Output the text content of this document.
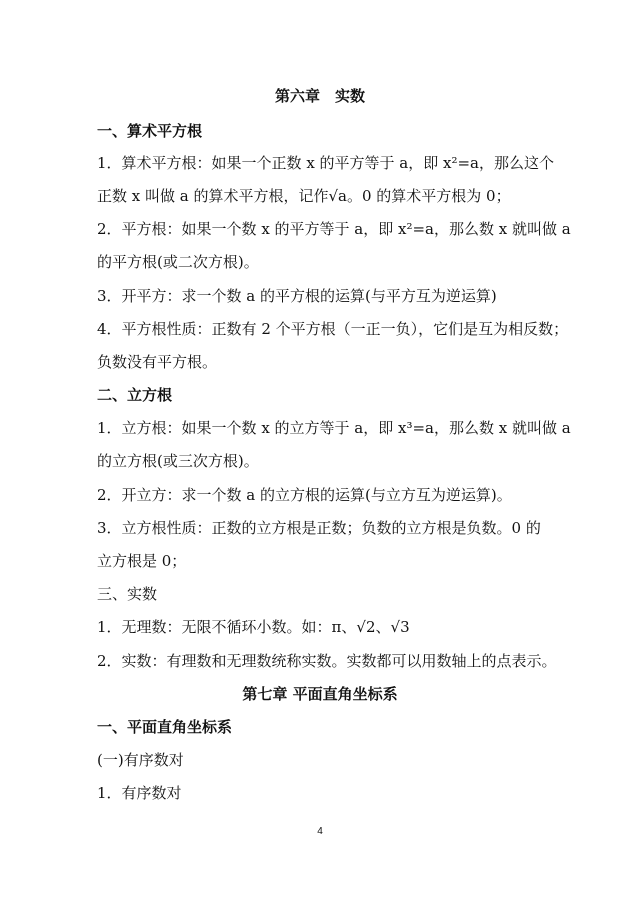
第六章　实数
一、算术平方根
1．算术平方根：如果一个正数 x 的平方等于 a，即 x²=a，那么这个
正数 x 叫做 a 的算术平方根，记作√a。0 的算术平方根为 0；
2．平方根：如果一个数 x 的平方等于 a，即 x²=a，那么数 x 就叫做 a
的平方根(或二次方根)。
3．开平方：求一个数 a 的平方根的运算(与平方互为逆运算)
4．平方根性质：正数有 2 个平方根（一正一负），它们是互为相反数；
负数没有平方根。
二、立方根
1．立方根：如果一个数 x 的立方等于 a，即 x³=a，那么数 x 就叫做 a
的立方根(或三次方根)。
2．开立方：求一个数 a 的立方根的运算(与立方互为逆运算)。
3．立方根性质：正数的立方根是正数；负数的立方根是负数。0 的
立方根是 0；
三、实数
1．无理数：无限不循环小数。如：π、√2、√3
2．实数：有理数和无理数统称实数。实数都可以用数轴上的点表示。
第七章 平面直角坐标系
一、平面直角坐标系
(一)有序数对
1．有序数对
4
